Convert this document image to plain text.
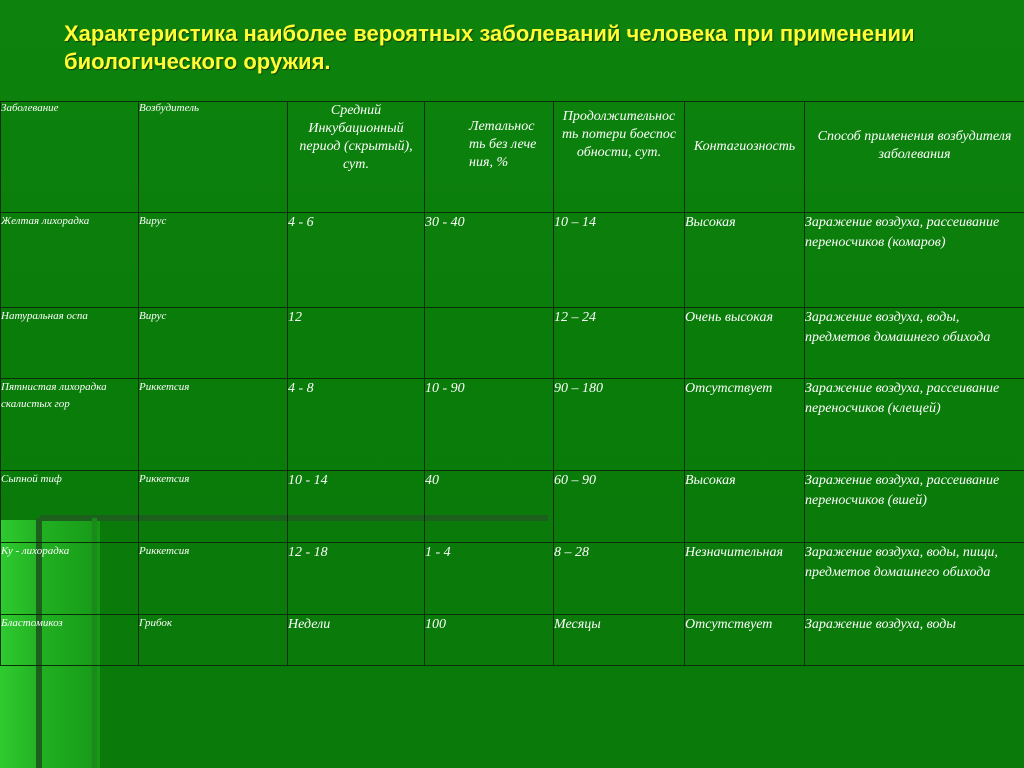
Характеристика наиболее вероятных заболеваний человека при применении биологического оружия.
Заболевание	Возбудитель	Средний Инкубационный период (скрытый), сут.	Летальность без лечения, %	Продолжительность потери боеспособности, сут.	Контагиозность	Способ применения возбудителя заболевания
Желтая лихорадка	Вирус	4 - 6	30 - 40	10 – 14	Высокая	Заражение воздуха, рассеивание переносчиков (комаров)
Натуральная оспа	Вирус	12		12 – 24	Очень высокая	Заражение воздуха, воды, предметов домашнего обихода
Пятнистая лихорадка скалистых гор	Риккетсия	4 - 8	10 - 90	90 – 180	Отсутствует	Заражение воздуха, рассеивание переносчиков (клещей)
Сыпной тиф	Риккетсия	10 - 14	40	60 – 90	Высокая	Заражение воздуха, рассеивание переносчиков (вшей)
Ку - лихорадка	Риккетсия	12 - 18	1 - 4	8 – 28	Незначительная	Заражение воздуха, воды, пищи, предметов домашнего обихода
Бластомикоз	Грибок	Недели	100	Месяцы	Отсутствует	Заражение воздуха, воды
